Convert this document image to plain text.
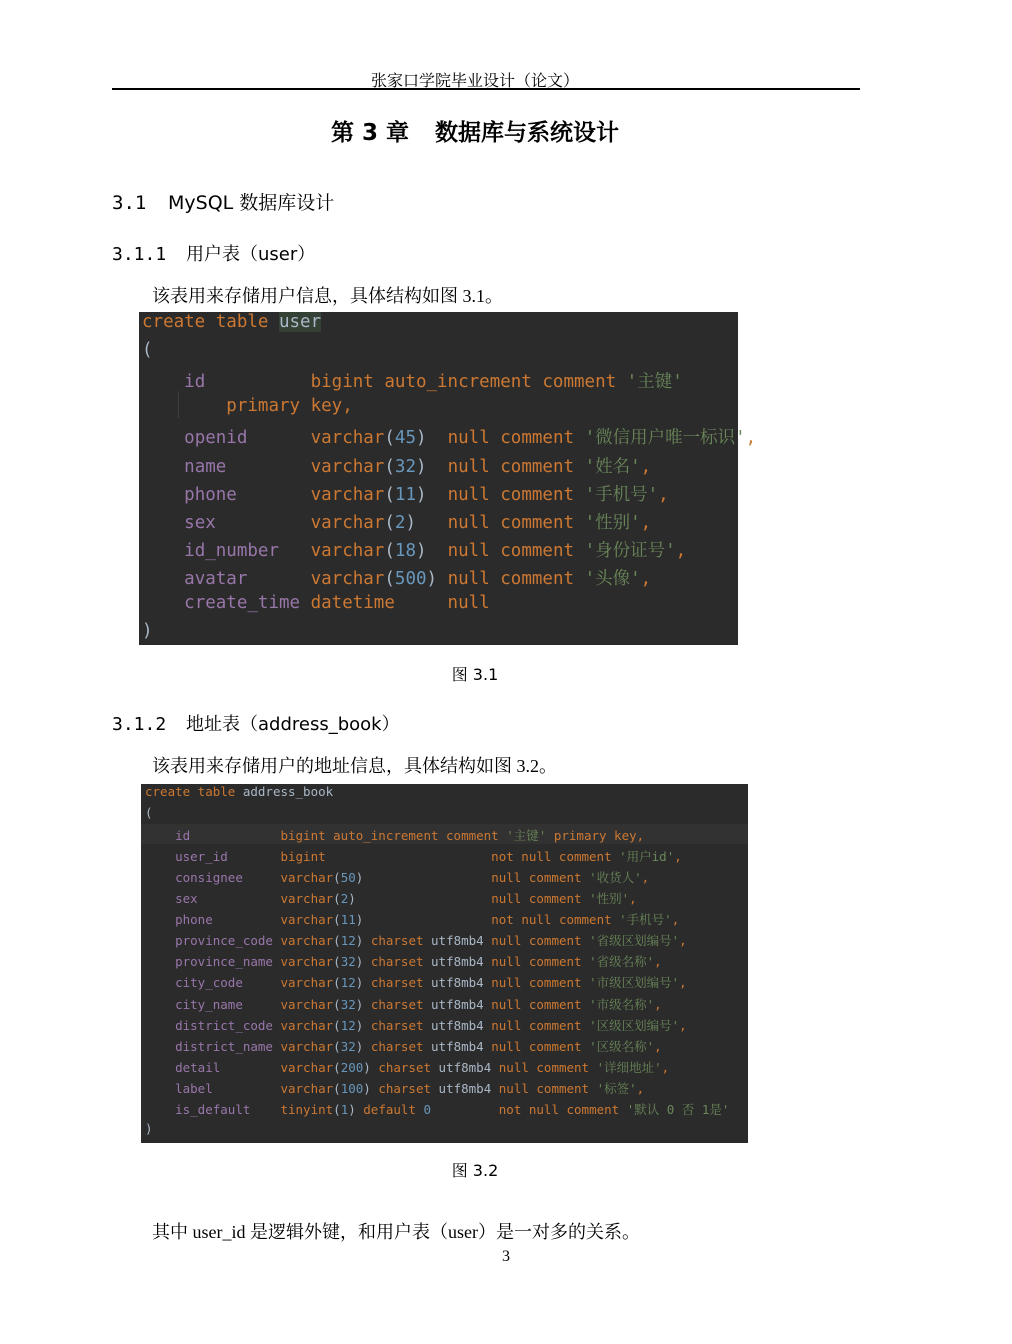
张家口学院毕业设计（论文）
第 3 章 数据库与系统设计
3.1 MySQL 数据库设计
3.1.1 用户表（user）
该表用来存储用户信息，具体结构如图 3.1。

create table user
(
id          bigint auto_increment comment '主键'
primary key,
openid      varchar(45)  null comment '微信用户唯一标识',
name        varchar(32)  null comment '姓名',
phone       varchar(11)  null comment '手机号',
sex         varchar(2)   null comment '性别',
id_number   varchar(18)  null comment '身份证号',
avatar      varchar(500) null comment '头像',
create_time datetime     null
)
图 3.1
3.1.2 地址表（address_book）
该表用来存储用户的地址信息，具体结构如图 3.2。

create table address_book
(
id            bigint auto_increment comment '主键' primary key,
user_id       bigint                      not null comment '用户id',
consignee     varchar(50)                 null comment '收货人',
sex           varchar(2)                  null comment '性别',
phone         varchar(11)                 not null comment '手机号',
province_code varchar(12) charset utf8mb4 null comment '省级区划编号',
province_name varchar(32) charset utf8mb4 null comment '省级名称',
city_code     varchar(12) charset utf8mb4 null comment '市级区划编号',
city_name     varchar(32) charset utf8mb4 null comment '市级名称',
district_code varchar(12) charset utf8mb4 null comment '区级区划编号',
district_name varchar(32) charset utf8mb4 null comment '区级名称',
detail        varchar(200) charset utf8mb4 null comment '详细地址',
label         varchar(100) charset utf8mb4 null comment '标签',
is_default    tinyint(1) default 0	not null comment '默认 0 否 1是'
)
图 3.2
其中 user_id 是逻辑外键，和用户表（user）是一对多的关系。
3
